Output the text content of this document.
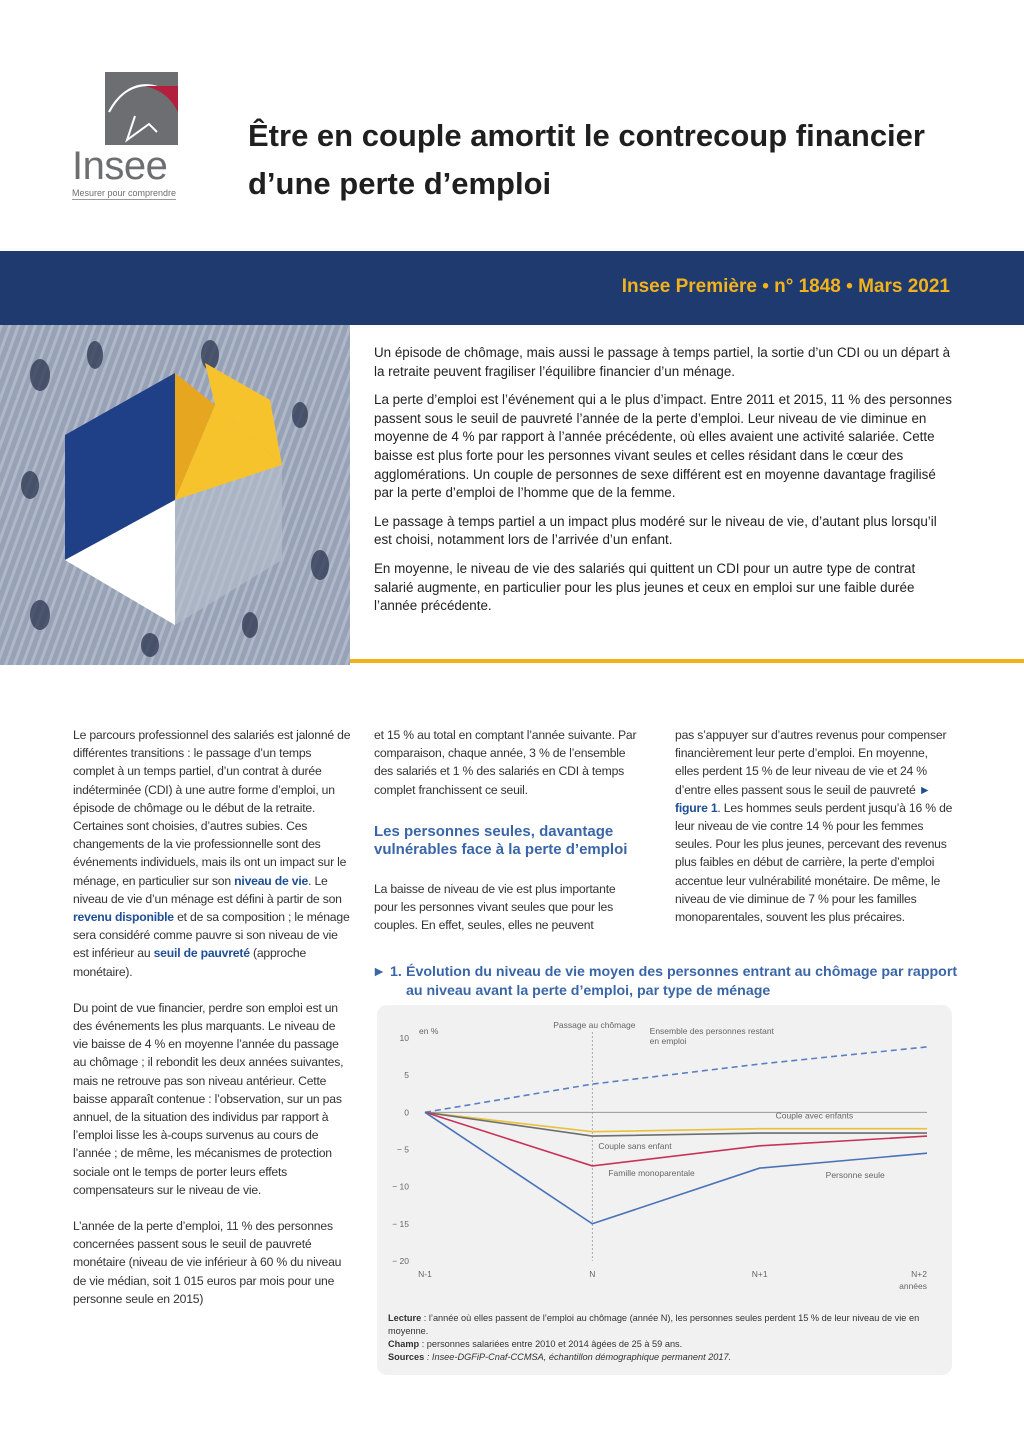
Insee
Mesurer pour comprendre
Être en couple amortit le contrecoup financier d’une perte d’emploi
Insee Première • n° 1848 • Mars 2021

Un épisode de chômage, mais aussi le passage à temps partiel, la sortie d’un CDI ou un départ à la retraite peuvent fragiliser l’équilibre financier d’un ménage.

La perte d’emploi est l’événement qui a le plus d’impact. Entre 2011 et 2015, 11 % des personnes passent sous le seuil de pauvreté l’année de la perte d’emploi. Leur niveau de vie diminue en moyenne de 4 % par rapport à l’année précédente, où elles avaient une activité salariée. Cette baisse est plus forte pour les personnes vivant seules et celles résidant dans le cœur des agglomérations. Un couple de personnes de sexe différent est en moyenne davantage fragilisé par la perte d’emploi de l’homme que de la femme.

Le passage à temps partiel a un impact plus modéré sur le niveau de vie, d’autant plus lorsqu’il est choisi, notamment lors de l’arrivée d’un enfant.

En moyenne, le niveau de vie des salariés qui quittent un CDI pour un autre type de contrat salarié augmente, en particulier pour les plus jeunes et ceux en emploi sur une faible durée l’année précédente.

Le parcours professionnel des salariés est jalonné de différentes transitions : le passage d’un temps complet à un temps partiel, d’un contrat à durée indéterminée (CDI) à une autre forme d’emploi, un épisode de chômage ou le début de la retraite. Certaines sont choisies, d’autres subies. Ces changements de la vie professionnelle sont des événements individuels, mais ils ont un impact sur le ménage, en particulier sur son niveau de vie. Le niveau de vie d’un ménage est défini à partir de son revenu disponible et de sa composition ; le ménage sera considéré comme pauvre si son niveau de vie est inférieur au seuil de pauvreté (approche monétaire).

Du point de vue financier, perdre son emploi est un des événements les plus marquants. Le niveau de vie baisse de 4 % en moyenne l’année du passage au chômage ; il rebondit les deux années suivantes, mais ne retrouve pas son niveau antérieur. Cette baisse apparaît contenue : l’observation, sur un pas annuel, de la situation des individus par rapport à l’emploi lisse les à-coups survenus au cours de l’année ; de même, les mécanismes de protection sociale ont le temps de porter leurs effets compensateurs sur le niveau de vie.

L’année de la perte d’emploi, 11 % des personnes concernées passent sous le seuil de pauvreté monétaire (niveau de vie inférieur à 60 % du niveau de vie médian, soit 1 015 euros par mois pour une personne seule en 2015)

et 15 % au total en comptant l’année suivante. Par comparaison, chaque année, 3 % de l’ensemble des salariés et 1 % des salariés en CDI à temps complet franchissent ce seuil.

Les personnes seules, davantage vulnérables face à la perte d’emploi

La baisse de niveau de vie est plus importante pour les personnes vivant seules que pour les couples. En effet, seules, elles ne peuvent

pas s’appuyer sur d’autres revenus pour compenser financièrement leur perte d’emploi. En moyenne, elles perdent 15 % de leur niveau de vie et 24 % d’entre elles passent sous le seuil de pauvreté ► figure 1. Les hommes seuls perdent jusqu’à 16 % de leur niveau de vie contre 14 % pour les femmes seules. Pour les plus jeunes, percevant des revenus plus faibles en début de carrière, la perte d’emploi accentue leur vulnérabilité monétaire. De même, le niveau de vie diminue de 7 % pour les familles monoparentales, souvent les plus précaires.

► 1. Évolution du niveau de vie moyen des personnes entrant au chômage par rapport au niveau avant la perte d’emploi, par type de ménage
10
5
0
− 5
− 10
− 15
− 20
en %
N-1	N	N+1	N+2
années
Passage au chômage
Ensemble des personnes restant
en emploi
Couple avec enfants
Couple sans enfant
Famille monoparentale	Personne seule

Lecture : l’année où elles passent de l’emploi au chômage (année N), les personnes seules perdent 15 % de leur niveau de vie en moyenne.

Champ : personnes salariées entre 2010 et 2014 âgées de 25 à 59 ans.

Sources : Insee-DGFiP-Cnaf-CCMSA, échantillon démographique permanent 2017.
